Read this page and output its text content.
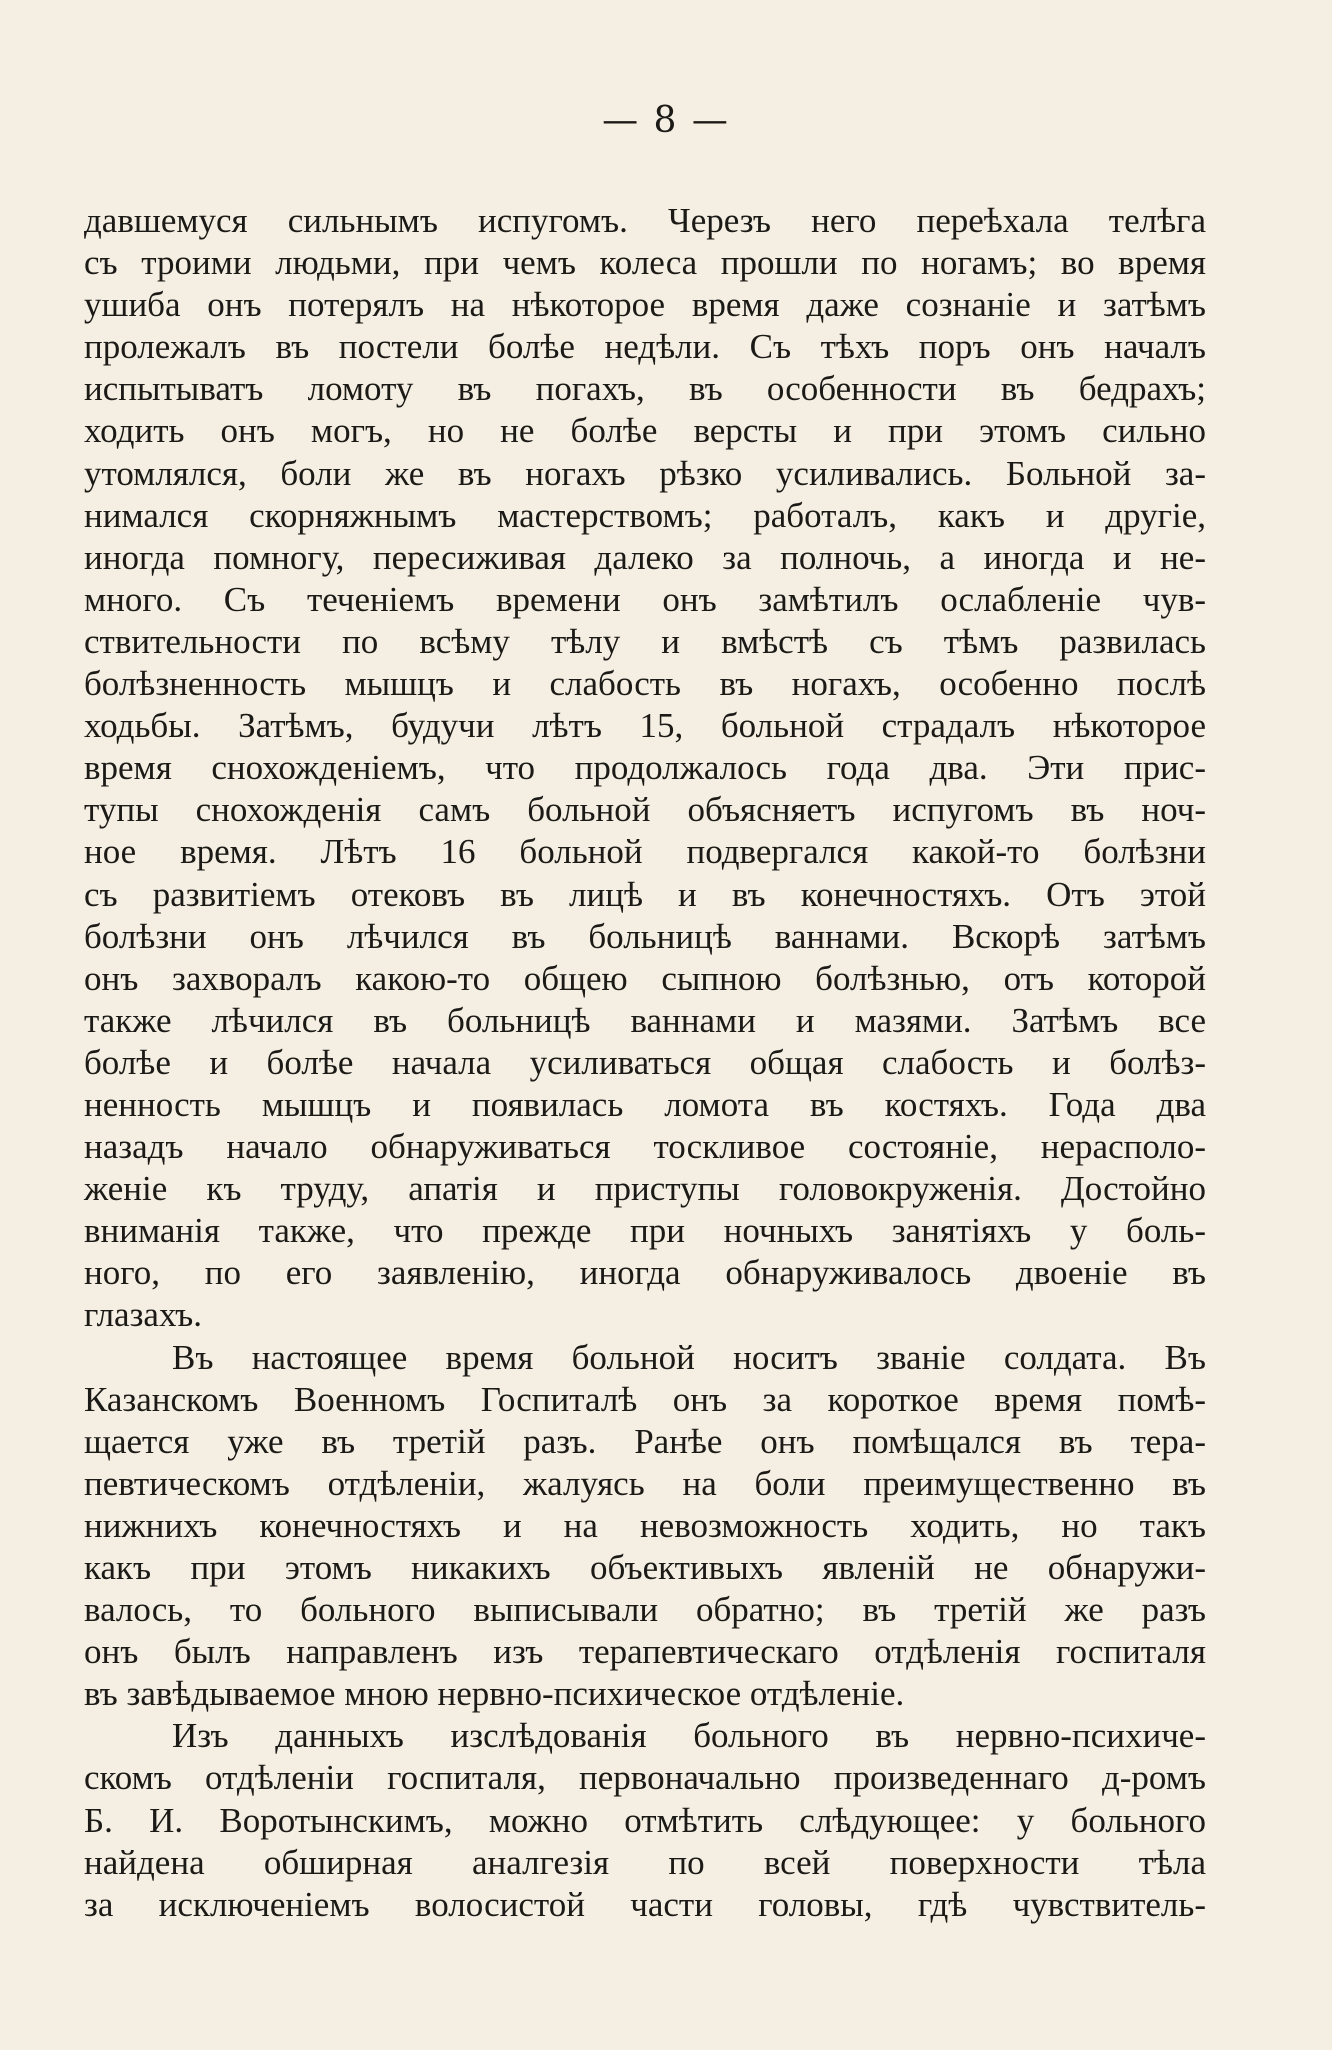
— 8 —
давшемуся сильнымъ испугомъ. Черезъ него переѣхала телѣга
съ троими людьми, при чемъ колеса прошли по ногамъ; во время
ушиба онъ потерялъ на нѣкоторое время даже сознаніе и затѣмъ
пролежалъ въ постели болѣе недѣли. Съ тѣхъ поръ онъ началъ
испытыватъ ломоту въ погахъ, въ особенности въ бедрахъ;
ходить онъ могъ, но не болѣе версты и при этомъ сильно
утомлялся, боли же въ ногахъ рѣзко усиливались. Больной за-
нимался скорняжнымъ мастерствомъ; работалъ, какъ и другіе,
иногда помногу, пересиживая далеко за полночь, а иногда и не-
много. Съ теченіемъ времени онъ замѣтилъ ослабленіе чув-
ствительности по всѣму тѣлу и вмѣстѣ съ тѣмъ развилась
болѣзненность мышцъ и слабость въ ногахъ, особенно послѣ
ходьбы. Затѣмъ, будучи лѣтъ 15, больной страдалъ нѣкоторое
время снохожденіемъ, что продолжалось года два. Эти прис-
тупы снохожденія самъ больной объясняетъ испугомъ въ ноч-
ное время. Лѣтъ 16 больной подвергался какой-то болѣзни
съ развитіемъ отековъ въ лицѣ и въ конечностяхъ. Отъ этой
болѣзни онъ лѣчился въ больницѣ ваннами. Вскорѣ затѣмъ
онъ захворалъ какою-то общею сыпною болѣзнью, отъ которой
также лѣчился въ больницѣ ваннами и мазями. Затѣмъ все
болѣе и болѣе начала усиливаться общая слабость и болѣз-
ненность мышцъ и появилась ломота въ костяхъ. Года два
назадъ начало обнаруживаться тоскливое состояніе, нерасполо-
женіе къ труду, апатія и приступы головокруженія. Достойно
вниманія также, что прежде при ночныхъ занятіяхъ у боль-
ного, по его заявленію, иногда обнаруживалось двоеніе въ
глазахъ.
Въ настоящее время больной носитъ званіе солдата. Въ
Казанскомъ Военномъ Госпиталѣ онъ за короткое время помѣ-
щается уже въ третій разъ. Ранѣе онъ помѣщался въ тера-
певтическомъ отдѣленіи, жалуясь на боли преимущественно въ
нижнихъ конечностяхъ и на невозможность ходить, но такъ
какъ при этомъ никакихъ объективыхъ явленій не обнаружи-
валось, то больного выписывали обратно; въ третій же разъ
онъ былъ направленъ изъ терапевтическаго отдѣленія госпиталя
въ завѣдываемое мною нервно-психическое отдѣленіе.
Изъ данныхъ изслѣдованія больного въ нервно-психиче-
скомъ отдѣленіи госпиталя, первоначально произведеннаго д-ромъ
Б. И. Воротынскимъ, можно отмѣтить слѣдующее: у больного
найдена обширная аналгезія по всей поверхности тѣла
за исключеніемъ волосистой части головы, гдѣ чувствитель-
